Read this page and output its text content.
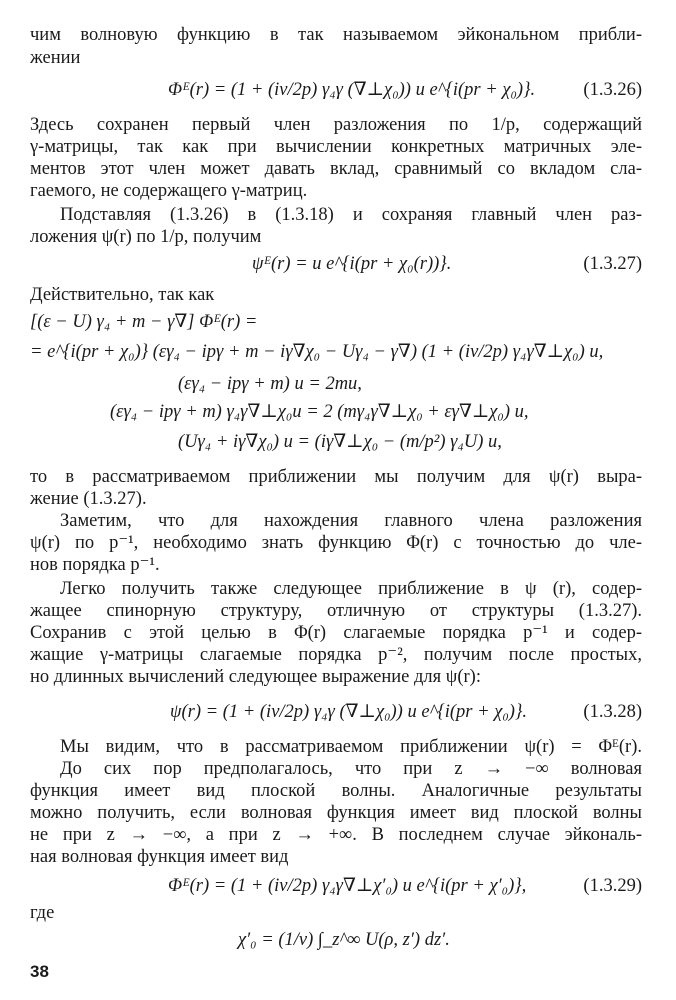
чим волновую функцию в так называемом эйкональном прибли-
жении
Φᴱ(r) = (1 + (iv/2p) γ₄γ (∇⊥χ₀)) u e^{i(pr + χ₀)}.	(1.3.26)
Здесь сохранен первый член разложения по 1/p, содержащий
γ-матрицы, так как при вычислении конкретных матричных эле-
ментов этот член может давать вклад, сравнимый со вкладом сла-
гаемого, не содержащего γ-матриц.
Подставляя (1.3.26) в (1.3.18) и сохраняя главный член раз-
ложения ψ(r) по 1/p, получим
ψᴱ(r) = u e^{i(pr + χ₀(r))}.	(1.3.27)
Действительно, так как
[(ε − U) γ₄ + m − γ∇] Φᴱ(r) =
= e^{i(pr + χ₀)} (εγ₄ − ipγ + m − iγ∇χ₀ − Uγ₄ − γ∇) (1 + (iv/2p) γ₄γ∇⊥χ₀) u,
(εγ₄ − ipγ + m) u = 2mu,
(εγ₄ − ipγ + m) γ₄γ∇⊥χ₀u = 2 (mγ₄γ∇⊥χ₀ + εγ∇⊥χ₀) u,
(Uγ₄ + iγ∇χ₀) u = (iγ∇⊥χ₀ − (m/p²) γ₄U) u,
то в рассматриваемом приближении мы получим для ψ(r) выра-
жение (1.3.27).
Заметим, что для нахождения главного члена разложения
ψ(r) по p⁻¹, необходимо знать функцию Φ(r) с точностью до чле-
нов порядка p⁻¹.
Легко получить также следующее приближение в ψ (r), содер-
жащее спинорную структуру, отличную от структуры (1.3.27).
Сохранив с этой целью в Φ(r) слагаемые порядка p⁻¹ и содер-
жащие γ-матрицы слагаемые порядка p⁻², получим после простых,
но длинных вычислений следующее выражение для ψ(r):
ψ(r) = (1 + (iv/2p) γ₄γ (∇⊥χ₀)) u e^{i(pr + χ₀)}.	(1.3.28)
Мы видим, что в рассматриваемом приближении ψ(r) = Φᴱ(r).
До сих пор предполагалось, что при z → −∞ волновая
функция имеет вид плоской волны. Аналогичные результаты
можно получить, если волновая функция имеет вид плоской волны
не при z → −∞, а при z → +∞. В последнем случае эйкональ-
ная волновая функция имеет вид
Φᴱ(r) = (1 + (iv/2p) γ₄γ∇⊥χ′₀) u e^{i(pr + χ′₀)},	(1.3.29)
где
χ′₀ = (1/v) ∫_z^∞ U(ρ, z′) dz′.
38
